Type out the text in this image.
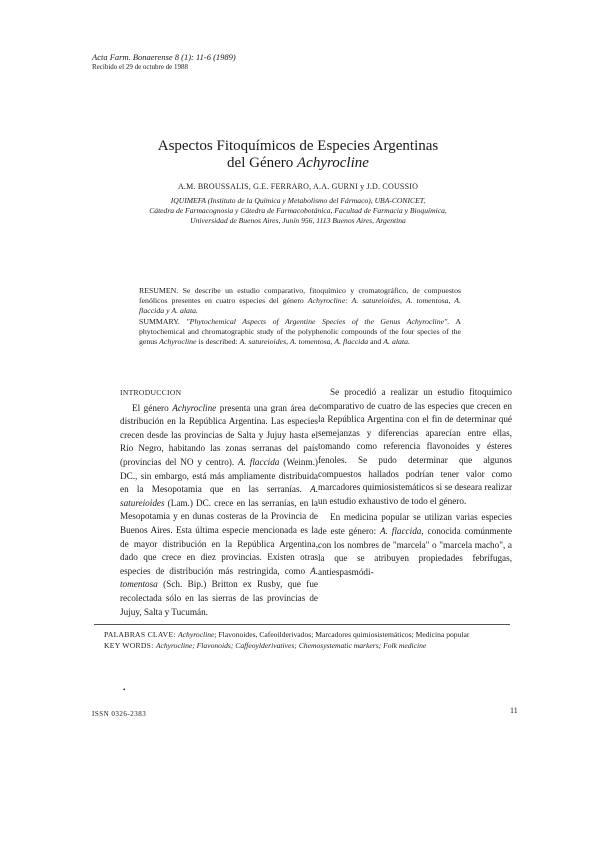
Acta Farm. Bonaerense 8 (1): 11-6 (1989)
Recibido el 29 de octubre de 1988
Aspectos Fitoquímicos de Especies Argentinas
del Género Achyrocline
A.M. BROUSSALIS, G.E. FERRARO, A.A. GURNI y J.D. COUSSIO
IQUIMEFA (Instituto de la Química y Metabolismo del Fármaco), UBA-CONICET,
Cátedra de Farmacognosia y Cátedra de Farmacobotánica, Facultad de Farmacia y Bioquímica,
Universidad de Buenos Aires, Junín 956, 1113 Buenos Aires, Argentina
RESUMEN. Se describe un estudio comparativo, fitoquímico y cromatográfico, de compuestos fenólicos presentes en cuatro especies del género Achyrocline: A. satureioides, A. tomentosa, A. flaccida y A. alata.
SUMMARY. "Phytochemical Aspects of Argentine Species of the Genus Achyrocline". A phytochemical and chromatographic study of the polyphenolic compounds of the four species of the genus Achyrocline is described: A. satureioides, A. tomentosa, A. flaccida and A. alata.
INTRODUCCION

El género Achyrocline presenta una gran área de distribución en la República Argentina. Las especies crecen desde las provincias de Salta y Jujuy hasta el Río Negro, habitando las zonas serranas del país (provincias del NO y centro). A. flaccida (Weinm.) DC., sin embargo, está más ampliamente distribuida en la Mesopotamia que en las serranías. A. satureioides (Lam.) DC. crece en las serranías, en la Mesopotamia y en dunas costeras de la Provincia de Buenos Aires. Esta última especie mencionada es la de mayor distribución en la República Argentina, dado que crece en diez provincias. Existen otras especies de distribución más restringida, como A. tomentosa (Sch. Bip.) Britton ex Rusby, que fue recolectada sólo en las sierras de las provincias de Jujuy, Salta y Tucumán.

Se procedió a realizar un estudio fitoquímico comparativo de cuatro de las especies que crecen en la República Argentina con el fin de determinar qué semejanzas y diferencias aparecían entre ellas, tomando como referencia flavonoides y ésteres fenoles. Se pudo determinar que algunos compuestos hallados podrían tener valor como marcadores quimiosistemáticos si se deseara realizar un estudio exhaustivo de todo el género.

En medicina popular se utilizan varias especies de este género: A. flaccida, conocida comúnmente con los nombres de "marcela" o "marcela macho", a la que se atribuyen propiedades febrífugas, antiespasmódi-

PALABRAS CLAVE: Achyrocline; Flavonoides, Cafeoilderivados; Marcadores quimiosistemáticos; Medicina popular
KEY WORDS: Achyrocline; Flavonoids; Caffeoylderivatives; Chemosystematic markers; Folk medicine
•
ISSN 0326-2383	11
